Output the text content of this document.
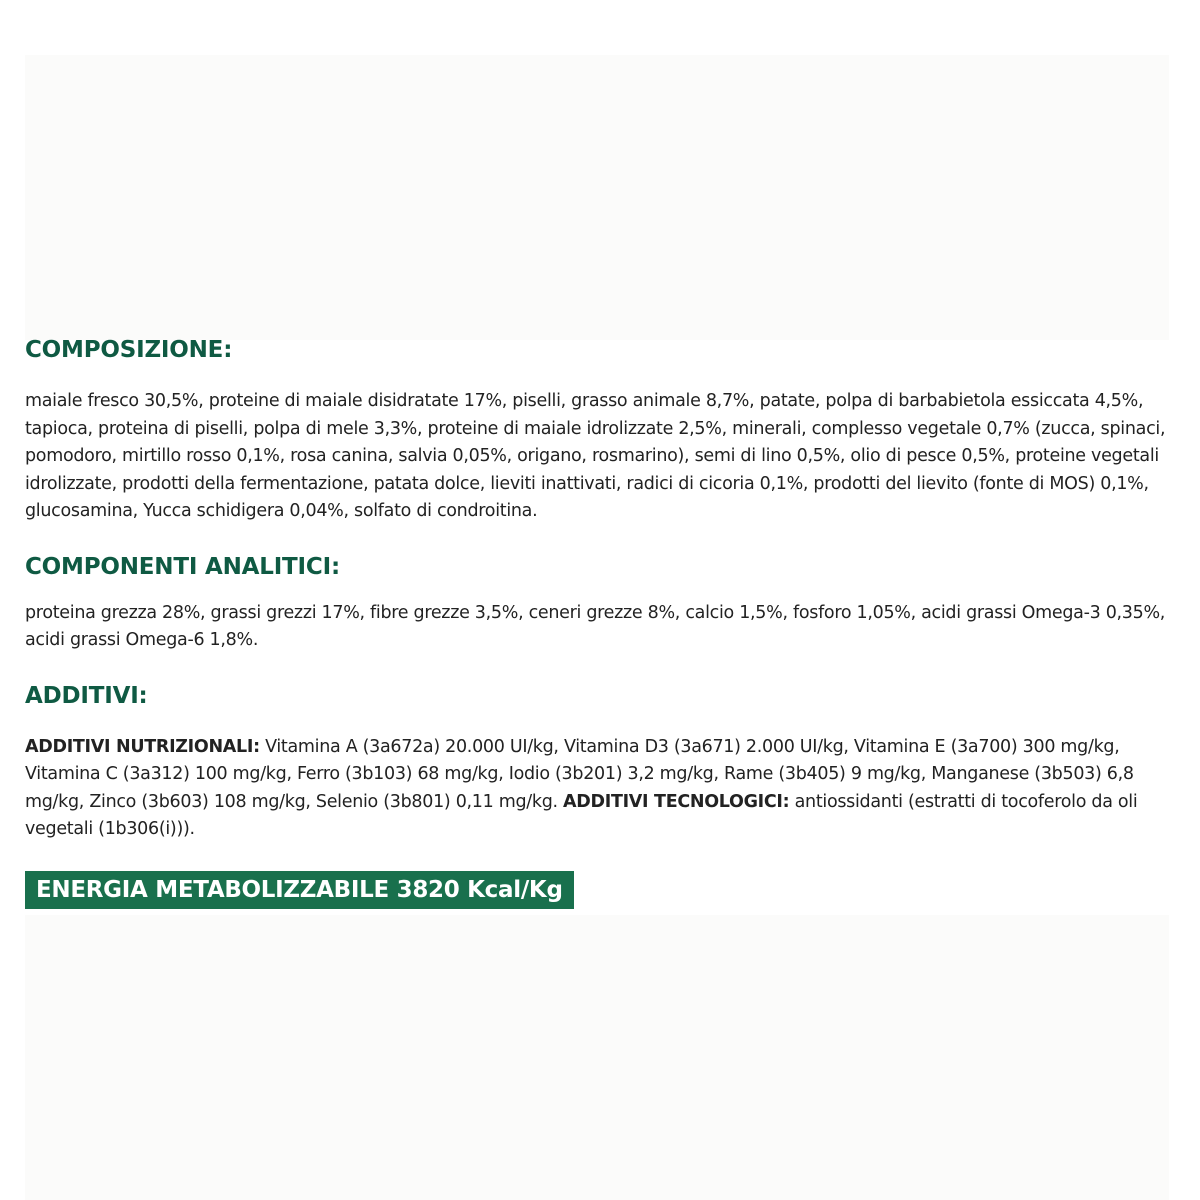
COMPOSIZIONE:

maiale fresco 30,5%, proteine di maiale disidratate 17%, piselli, grasso animale 8,7%, patate, polpa di barbabietola essiccata 4,5%, tapioca, proteina di piselli, polpa di mele 3,3%, proteine di maiale idrolizzate 2,5%, minerali, complesso vegetale 0,7% (zucca, spinaci, pomodoro, mirtillo rosso 0,1%, rosa canina, salvia 0,05%, origano, rosmarino), semi di lino 0,5%, olio di pesce 0,5%, proteine vegetali idrolizzate, prodotti della fermentazione, patata dolce, lieviti inattivati, radici di cicoria 0,1%, prodotti del lievito (fonte di MOS) 0,1%, glucosamina, Yucca schidigera 0,04%, solfato di condroitina.

COMPONENTI ANALITICI:

proteina grezza 28%, grassi grezzi 17%, fibre grezze 3,5%, ceneri grezze 8%, calcio 1,5%, fosforo 1,05%, acidi grassi Omega-3 0,35%, acidi grassi Omega-6 1,8%.

ADDITIVI:

ADDITIVI NUTRIZIONALI: Vitamina A (3a672a) 20.000 UI/kg, Vitamina D3 (3a671) 2.000 UI/kg, Vitamina E (3a700) 300 mg/kg, Vitamina C (3a312) 100 mg/kg, Ferro (3b103) 68 mg/kg, Iodio (3b201) 3,2 mg/kg, Rame (3b405) 9 mg/kg, Manganese (3b503) 6,8 mg/kg, Zinco (3b603) 108 mg/kg, Selenio (3b801) 0,11 mg/kg. ADDITIVI TECNOLOGICI: antiossidanti (estratti di tocoferolo da oli vegetali (1b306(i))).

ENERGIA METABOLIZZABILE 3820 Kcal/Kg
